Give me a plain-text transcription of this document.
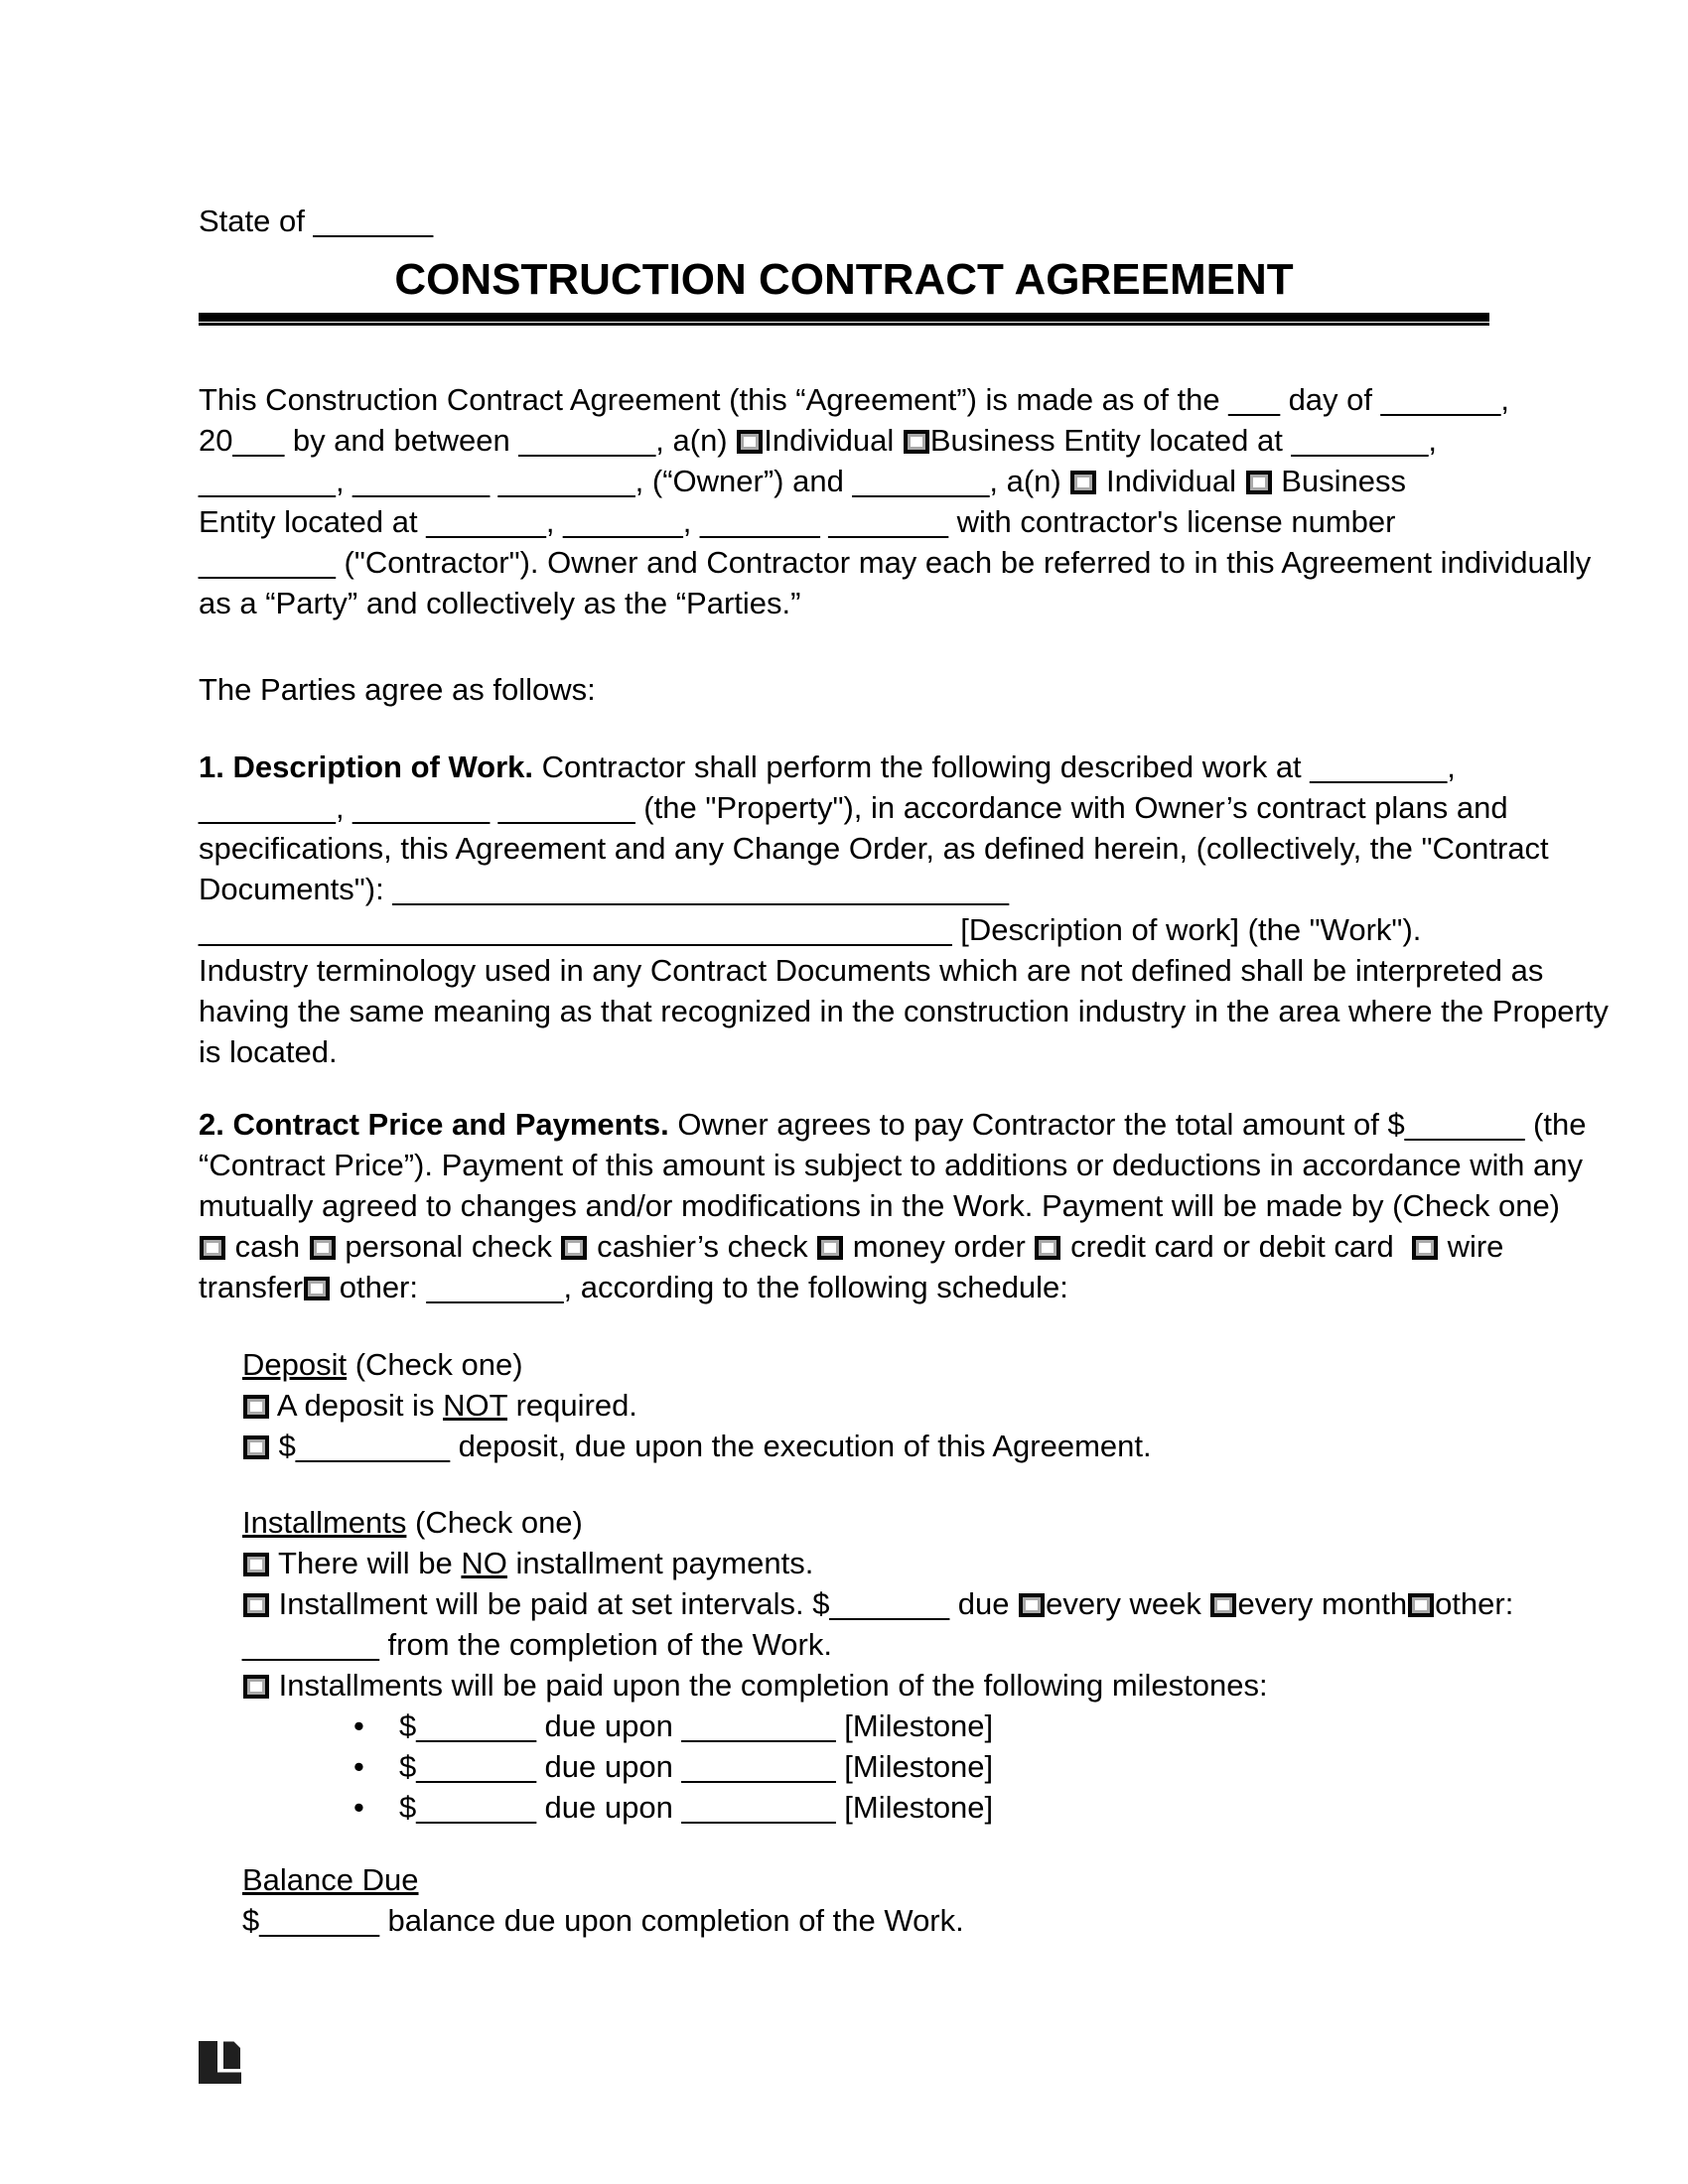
State of _______
CONSTRUCTION CONTRACT AGREEMENT
This Construction Contract Agreement (this “Agreement”) is made as of the ___ day of _______,
20___ by and between ________, a(n) Individual Business Entity located at ________,
________, ________ ________, (“Owner”) and ________, a(n)  Individual  Business
Entity located at _______, _______, _______ _______ with contractor's license number
________ ("Contractor"). Owner and Contractor may each be referred to in this Agreement individually
as a “Party” and collectively as the “Parties.”
The Parties agree as follows:
1. Description of Work. Contractor shall perform the following described work at ________,
________, ________ ________ (the "Property"), in accordance with Owner’s contract plans and
specifications, this Agreement and any Change Order, as defined herein, (collectively, the "Contract
Documents"): ____________________________________
____________________________________________ [Description of work] (the "Work").
Industry terminology used in any Contract Documents which are not defined shall be interpreted as
having the same meaning as that recognized in the construction industry in the area where the Property
is located.
2. Contract Price and Payments. Owner agrees to pay Contractor the total amount of $_______ (the
“Contract Price”). Payment of this amount is subject to additions or deductions in accordance with any
mutually agreed to changes and/or modifications in the Work. Payment will be made by (Check one)
cash  personal check  cashier’s check  money order  credit card or debit card   wire
transfer other: ________, according to the following schedule:
Deposit (Check one)
A deposit is NOT required.
$_________ deposit, due upon the execution of this Agreement.
Installments (Check one)
There will be NO installment payments.
Installment will be paid at set intervals. $_______ due every week every month other:
________ from the completion of the Work.
Installments will be paid upon the completion of the following milestones:
• $_______ due upon _________ [Milestone]
• $_______ due upon _________ [Milestone]
• $_______ due upon _________ [Milestone]
Balance Due
$_______ balance due upon completion of the Work.
